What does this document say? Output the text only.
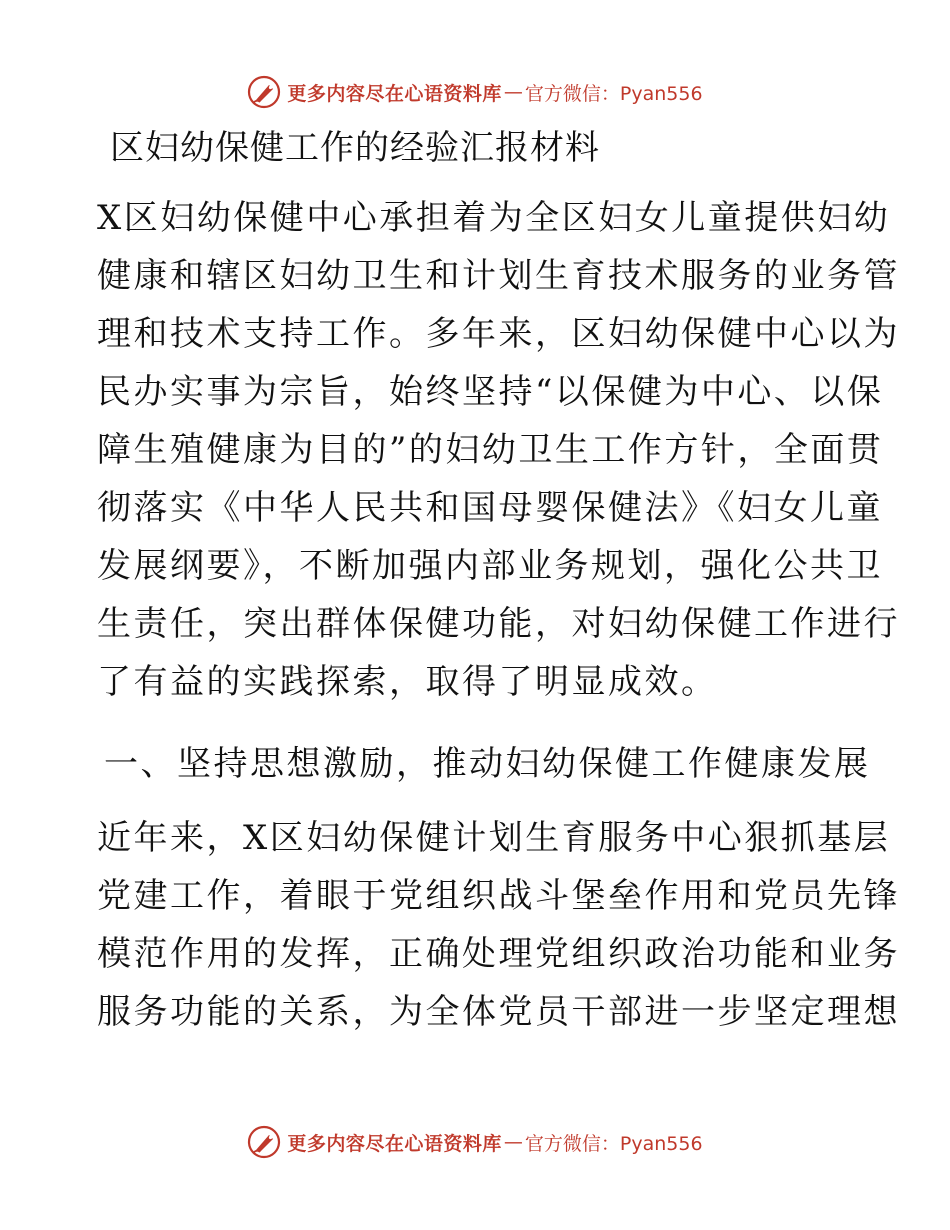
更多内容尽在心语资料库 — 官方微信：Pyan556
区妇幼保健工作的经验汇报材料
X区妇幼保健中心承担着为全区妇女儿童提供妇幼
健康和辖区妇幼卫生和计划生育技术服务的业务管
理和技术支持工作。多年来，区妇幼保健中心以为
民办实事为宗旨，始终坚持“以保健为中心、以保
障生殖健康为目的”的妇幼卫生工作方针，全面贯
彻落实《中华人民共和国母婴保健法》《妇女儿童
发展纲要》，不断加强内部业务规划，强化公共卫
生责任，突出群体保健功能，对妇幼保健工作进行
了有益的实践探索，取得了明显成效。
一、坚持思想激励，推动妇幼保健工作健康发展
近年来，X区妇幼保健计划生育服务中心狠抓基层
党建工作，着眼于党组织战斗堡垒作用和党员先锋
模范作用的发挥，正确处理党组织政治功能和业务
服务功能的关系，为全体党员干部进一步坚定理想
更多内容尽在心语资料库 — 官方微信：Pyan556
